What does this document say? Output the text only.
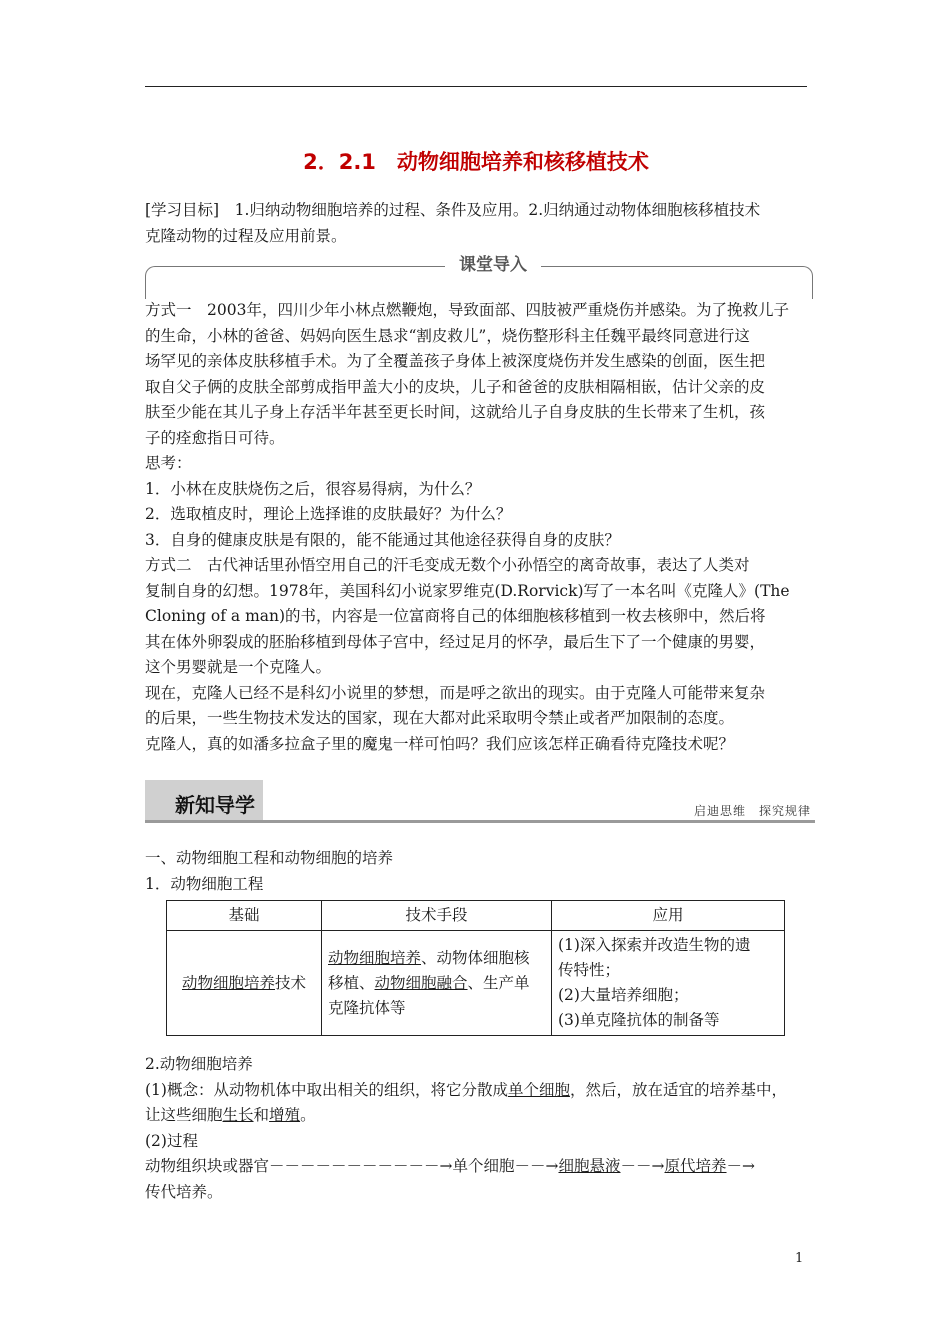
2．2.1　动物细胞培养和核移植技术
[学习目标]　1.归纳动物细胞培养的过程、条件及应用。2.归纳通过动物体细胞核移植技术
克隆动物的过程及应用前景。
课堂导入
方式一　2003年，四川少年小林点燃鞭炮，导致面部、四肢被严重烧伤并感染。为了挽救儿子
的生命，小林的爸爸、妈妈向医生恳求“割皮救儿”，烧伤整形科主任魏平最终同意进行这
场罕见的亲体皮肤移植手术。为了全覆盖孩子身体上被深度烧伤并发生感染的创面，医生把
取自父子俩的皮肤全部剪成指甲盖大小的皮块，儿子和爸爸的皮肤相隔相嵌，估计父亲的皮
肤至少能在其儿子身上存活半年甚至更长时间，这就给儿子自身皮肤的生长带来了生机，孩
子的痊愈指日可待。
思考：
1．小林在皮肤烧伤之后，很容易得病，为什么？
2．选取植皮时，理论上选择谁的皮肤最好？为什么？
3．自身的健康皮肤是有限的，能不能通过其他途径获得自身的皮肤？
方式二　古代神话里孙悟空用自己的汗毛变成无数个小孙悟空的离奇故事，表达了人类对
复制自身的幻想。1978年，美国科幻小说家罗维克(D.Rorvick)写了一本名叫《克隆人》(The
Cloning of a man)的书，内容是一位富商将自己的体细胞核移植到一枚去核卵中，然后将
其在体外卵裂成的胚胎移植到母体子宫中，经过足月的怀孕，最后生下了一个健康的男婴，
这个男婴就是一个克隆人。
现在，克隆人已经不是科幻小说里的梦想，而是呼之欲出的现实。由于克隆人可能带来复杂
的后果，一些生物技术发达的国家，现在大都对此采取明令禁止或者严加限制的态度。
克隆人，真的如潘多拉盒子里的魔鬼一样可怕吗？我们应该怎样正确看待克隆技术呢？
新知导学	启迪思维　探究规律
一、动物细胞工程和动物细胞的培养
1．动物细胞工程
基础	技术手段	应用
动物细胞培养技术	动物细胞培养、动物体细胞核
移植、动物细胞融合、生产单
克隆抗体等	(1)深入探索并改造生物的遗
传特性；
(2)大量培养细胞；
(3)单克隆抗体的制备等
2.动物细胞培养
(1)概念：从动物机体中取出相关的组织，将它分散成单个细胞，然后，放在适宜的培养基中，
让这些细胞生长和增殖。
(2)过程
动物组织块或器官－－－－－－－－－－－→单个细胞－－→细胞悬液－－→原代培养－→
传代培养。
1
